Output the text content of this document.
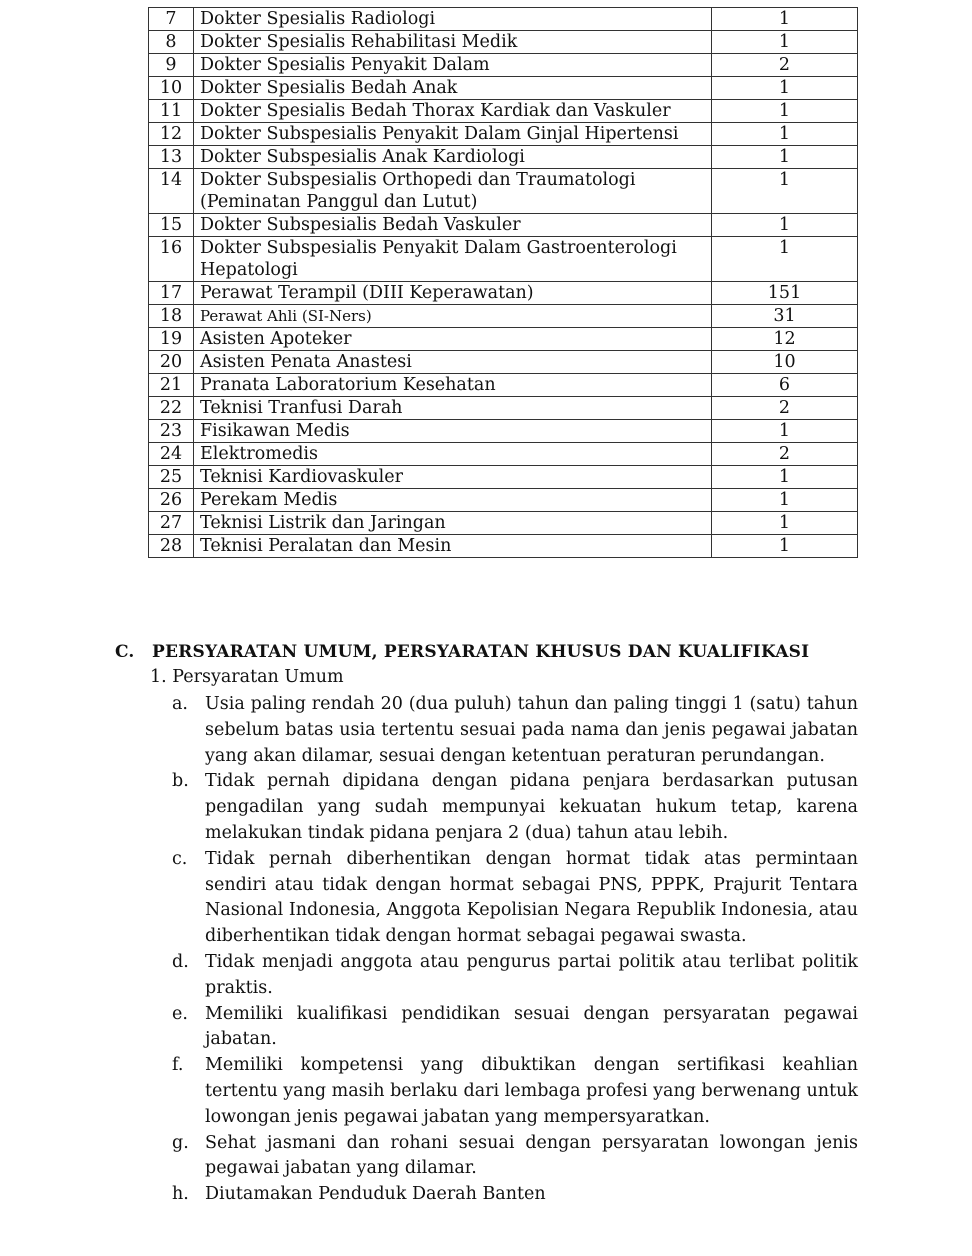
7	Dokter Spesialis Radiologi	1
8	Dokter Spesialis Rehabilitasi Medik	1
9	Dokter Spesialis Penyakit Dalam	2
10	Dokter Spesialis Bedah Anak	1
11	Dokter Spesialis Bedah Thorax Kardiak dan Vaskuler	1
12	Dokter Subspesialis Penyakit Dalam Ginjal Hipertensi	1
13	Dokter Subspesialis Anak Kardiologi	1
14	Dokter Subspesialis Orthopedi dan Traumatologi (Peminatan Panggul dan Lutut)	1
15	Dokter Subspesialis Bedah Vaskuler	1
16	Dokter Subspesialis Penyakit Dalam Gastroenterologi Hepatologi	1
17	Perawat Terampil (DIII Keperawatan)	151
18	Perawat Ahli (SI-Ners)	31
19	Asisten Apoteker	12
20	Asisten Penata Anastesi	10
21	Pranata Laboratorium Kesehatan	6
22	Teknisi Tranfusi Darah	2
23	Fisikawan Medis	1
24	Elektromedis	2
25	Teknisi Kardiovaskuler	1
26	Perekam Medis	1
27	Teknisi Listrik dan Jaringan	1
28	Teknisi Peralatan dan Mesin	1
C. PERSYARATAN UMUM, PERSYARATAN KHUSUS DAN KUALIFIKASI
1. Persyaratan Umum
a. Usia paling rendah 20 (dua puluh) tahun dan paling tinggi 1 (satu) tahun sebelum batas usia tertentu sesuai pada nama dan jenis pegawai jabatan yang akan dilamar, sesuai dengan ketentuan peraturan perundangan.
b. Tidak pernah dipidana dengan pidana penjara berdasarkan putusan pengadilan yang sudah mempunyai kekuatan hukum tetap, karena melakukan tindak pidana penjara 2 (dua) tahun atau lebih.
c.	Tidak pernah diberhentikan dengan hormat tidak atas permintaan sendiri atau tidak dengan hormat sebagai PNS, PPPK, Prajurit Tentara Nasional Indonesia, Anggota Kepolisian Negara Republik Indonesia, atau diberhentikan tidak dengan hormat sebagai pegawai swasta.
d. Tidak menjadi anggota atau pengurus partai politik atau terlibat politik praktis.
e. Memiliki kualifikasi pendidikan sesuai dengan persyaratan pegawai jabatan.
f.	Memiliki kompetensi yang dibuktikan dengan sertifikasi keahlian tertentu yang masih berlaku dari lembaga profesi yang berwenang untuk lowongan jenis pegawai jabatan yang mempersyaratkan.
g. Sehat jasmani dan rohani sesuai dengan persyaratan lowongan jenis pegawai jabatan yang dilamar.
h. Diutamakan Penduduk Daerah Banten
